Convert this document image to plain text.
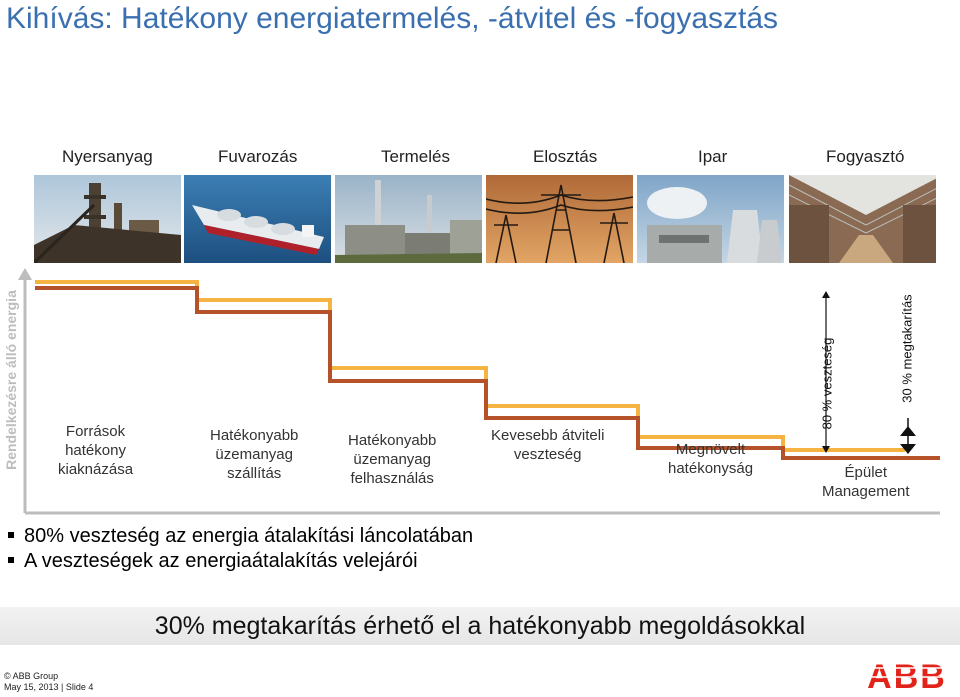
Kihívás: Hatékony energiatermelés, -átvitel és -fogyasztás
Nyersanyag	Fuvarozás	Termelés	Elosztás	Ipar	Fogyasztó
Rendelkezésre álló energia	Források
hatékony
kiaknázása
Hatékonyabb
üzemanyag
szállítás
Hatékonyabb
üzemanyag
felhasználás
Kevesebb átviteli
veszteség	Megnövelt
hatékonyság	Épület
Management
80 % veszteség	30 % megtakarítás
80% veszteség az energia átalakítási láncolatában
A veszteségek az energiaátalakítás velejárói
30% megtakarítás érhető el a hatékonyabb megoldásokkal
© ABB Group
May 15, 2013 | Slide 4	ABB
